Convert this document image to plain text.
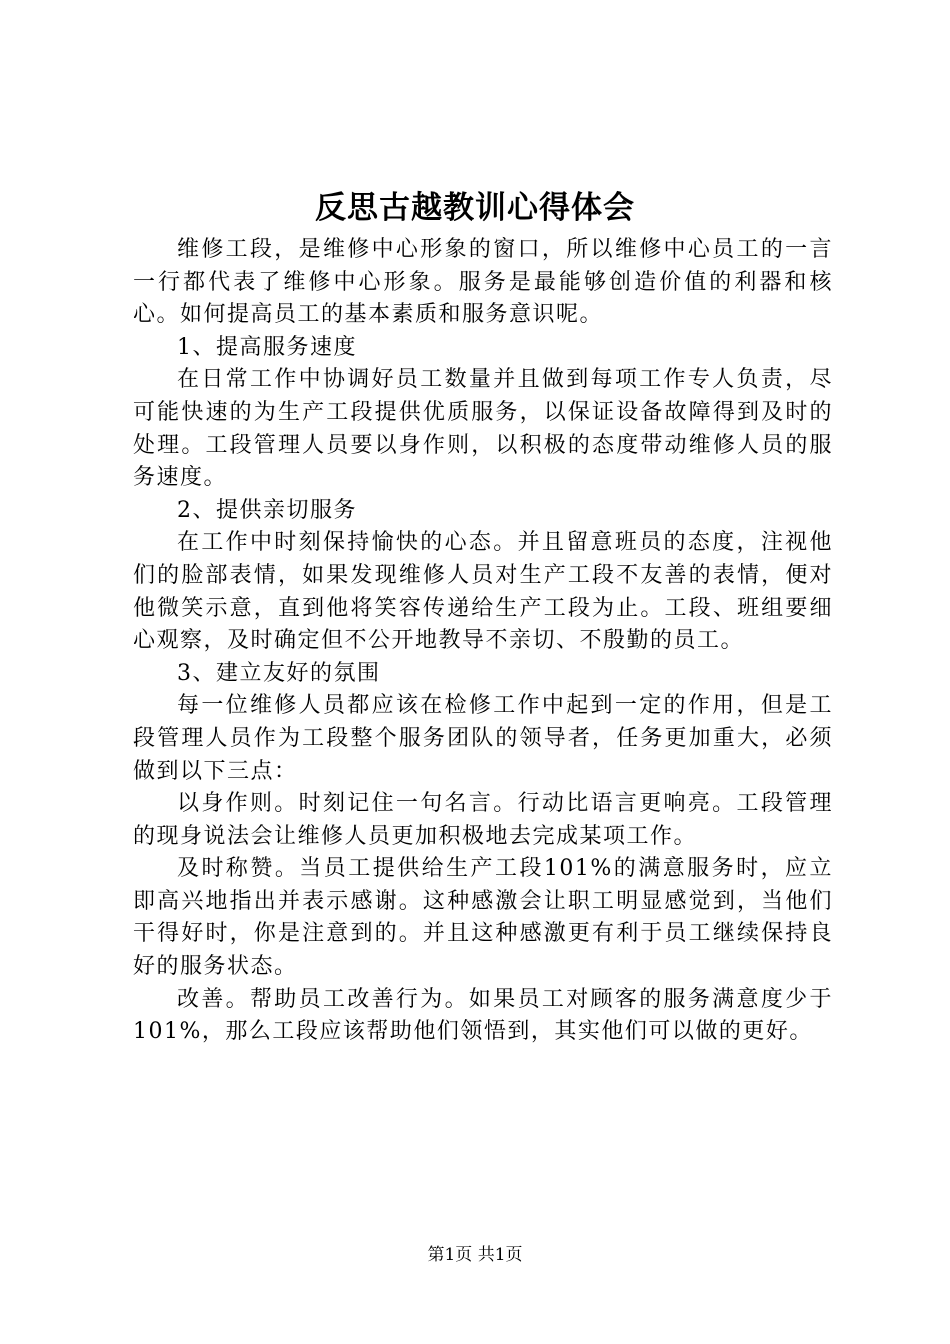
反思古越教训心得体会

维修工段，是维修中心形象的窗口，所以维修中心员工的一言一行都代表了维修中心形象。服务是最能够创造价值的利器和核心。如何提高员工的基本素质和服务意识呢。

1、提高服务速度

在日常工作中协调好员工数量并且做到每项工作专人负责，尽可能快速的为生产工段提供优质服务，以保证设备故障得到及时的处理。工段管理人员要以身作则，以积极的态度带动维修人员的服务速度。

2、提供亲切服务

在工作中时刻保持愉快的心态。并且留意班员的态度，注视他们的脸部表情，如果发现维修人员对生产工段不友善的表情，便对他微笑示意，直到他将笑容传递给生产工段为止。工段、班组要细心观察，及时确定但不公开地教导不亲切、不殷勤的员工。

3、建立友好的氛围

每一位维修人员都应该在检修工作中起到一定的作用，但是工段管理人员作为工段整个服务团队的领导者，任务更加重大，必须做到以下三点：

以身作则。时刻记住一句名言。行动比语言更响亮。工段管理的现身说法会让维修人员更加积极地去完成某项工作。

及时称赞。当员工提供给生产工段101%的满意服务时，应立即高兴地指出并表示感谢。这种感激会让职工明显感觉到，当他们干得好时，你是注意到的。并且这种感激更有利于员工继续保持良好的服务状态。

改善。帮助员工改善行为。如果员工对顾客的服务满意度少于101%，那么工段应该帮助他们领悟到，其实他们可以做的更好。

第1页 共1页
